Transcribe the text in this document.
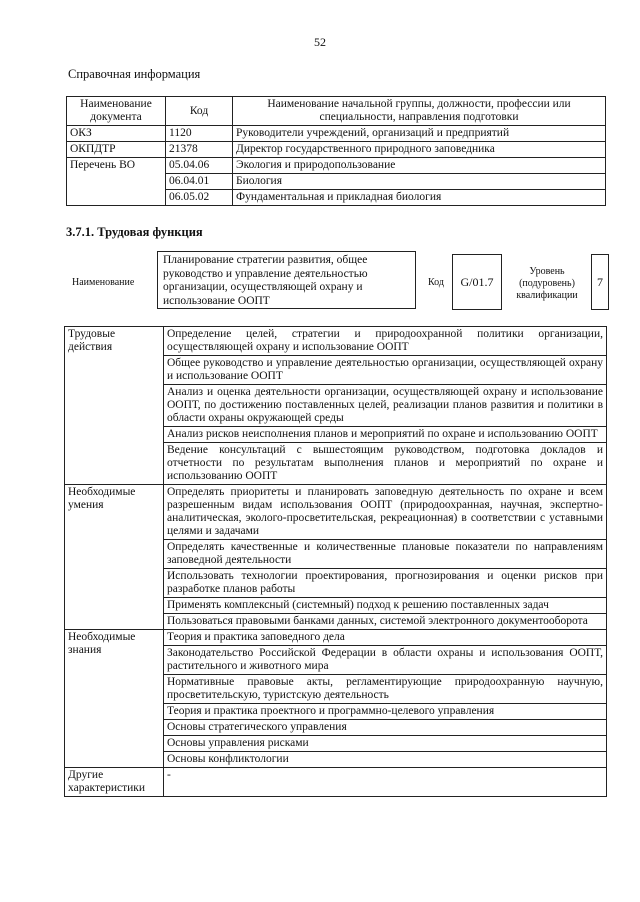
52
Справочная информация
Наименование документа	Код	Наименование начальной группы, должности, профессии или специальности, направления подготовки
ОКЗ	1120	Руководители учреждений, организаций и предприятий
ОКПДТР	21378	Директор государственного природного заповедника
Перечень ВО	05.04.06	Экология и природопользование
	06.04.01	Биология
	06.05.02	Фундаментальная и прикладная биология
3.7.1. Трудовая функция
Наименование
Планирование стратегии развития, общее руководство и управление деятельностью организации, осуществляющей охрану и использование ООПТ
Код	G/01.7
Уровень (подуровень) квалификации
7
Трудовые действия	Определение целей, стратегии и природоохранной политики организации, осуществляющей охрану и использование ООПТ
	Общее руководство и управление деятельностью организации, осуществляющей охрану и использование ООПТ
	Анализ и оценка деятельности организации, осуществляющей охрану и использование ООПТ, по достижению поставленных целей, реализации планов развития и политики в области охраны окружающей среды
	Анализ рисков неисполнения планов и мероприятий по охране и использованию ООПТ
	Ведение консультаций с вышестоящим руководством, подготовка докладов и отчетности по результатам выполнения планов и мероприятий по охране и использованию ООПТ
Необходимые умения	Определять приоритеты и планировать заповедную деятельность по охране и всем разрешенным видам использования ООПТ (природоохранная, научная, экспертно-аналитическая, эколого-просветительская, рекреационная) в соответствии с уставными целями и задачами
	Определять качественные и количественные плановые показатели по направлениям заповедной деятельности
	Использовать технологии проектирования, прогнозирования и оценки рисков при разработке планов работы
	Применять комплексный (системный) подход к решению поставленных задач
	Пользоваться правовыми банками данных, системой электронного документооборота
Необходимые знания	Теория и практика заповедного дела
	Законодательство Российской Федерации в области охраны и использования ООПТ, растительного и животного мира
	Нормативные правовые акты, регламентирующие природоохранную научную, просветительскую, туристскую деятельность
	Теория и практика проектного и программно-целевого управления
	Основы стратегического управления
	Основы управления рисками
	Основы конфликтологии
Другие характеристики	-
